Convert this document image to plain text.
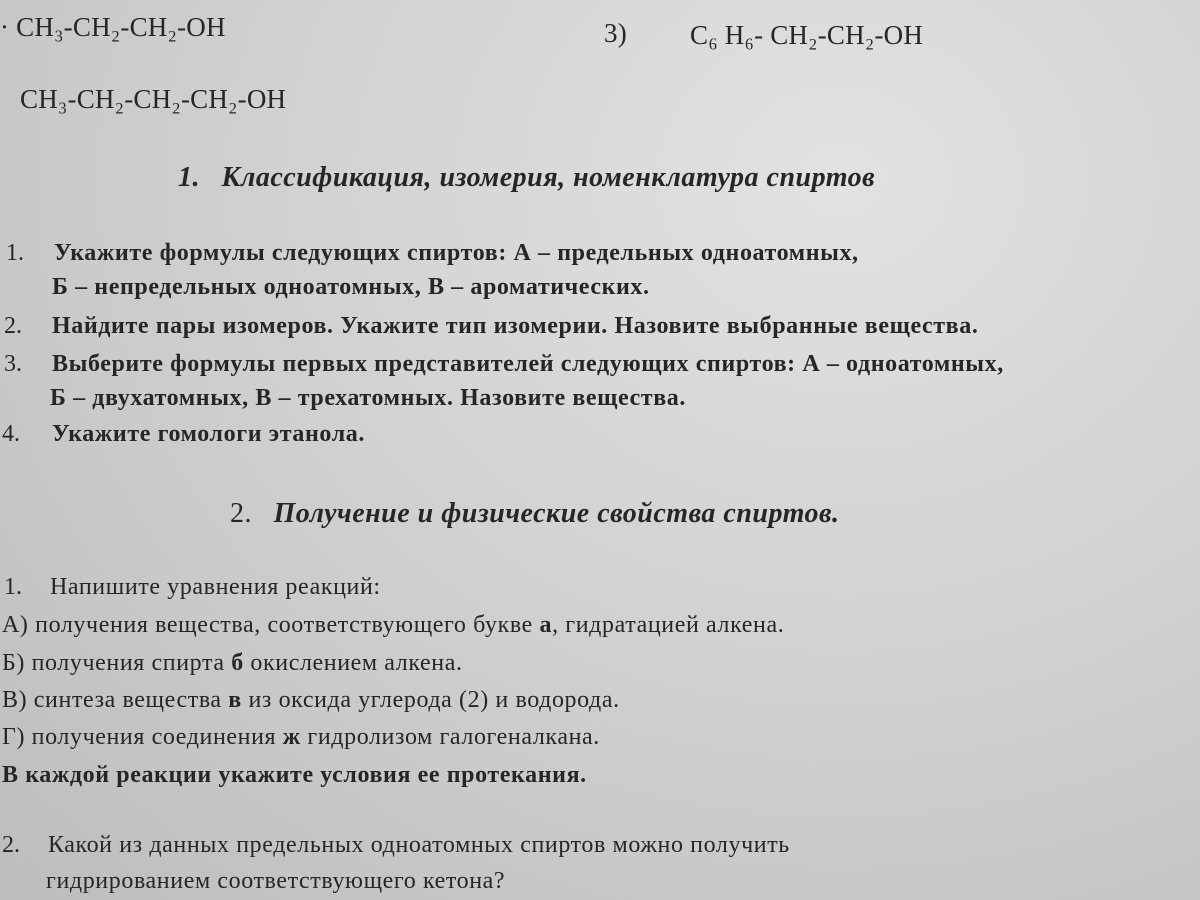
· CH₃-CH₂-CH₂-OH	3) C₆ H₆- CH₂-CH₂-OH
CH₃-CH₂-CH₂-CH₂-OH
1. Классификация, изомерия, номенклатура спиртов
1. Укажите формулы следующих спиртов: А – предельных одноатомных,
Б – непредельных одноатомных, В – ароматических.
2. Найдите пары изомеров. Укажите тип изомерии. Назовите выбранные вещества.
3. Выберите формулы первых представителей следующих спиртов: А – одноатомных,
Б – двухатомных, В – трехатомных. Назовите вещества.
4. Укажите гомологи этанола.
2. Получение и физические свойства спиртов.
1. Напишите уравнения реакций:
А) получения вещества, соответствующего букве а, гидратацией алкена.
Б) получения спирта б окислением алкена.
В) синтеза вещества в из оксида углерода (2) и водорода.
Г) получения соединения ж гидролизом галогеналкана.
В каждой реакции укажите условия ее протекания.
2. Какой из данных предельных одноатомных спиртов можно получить
гидрированием соответствующего кетона?
